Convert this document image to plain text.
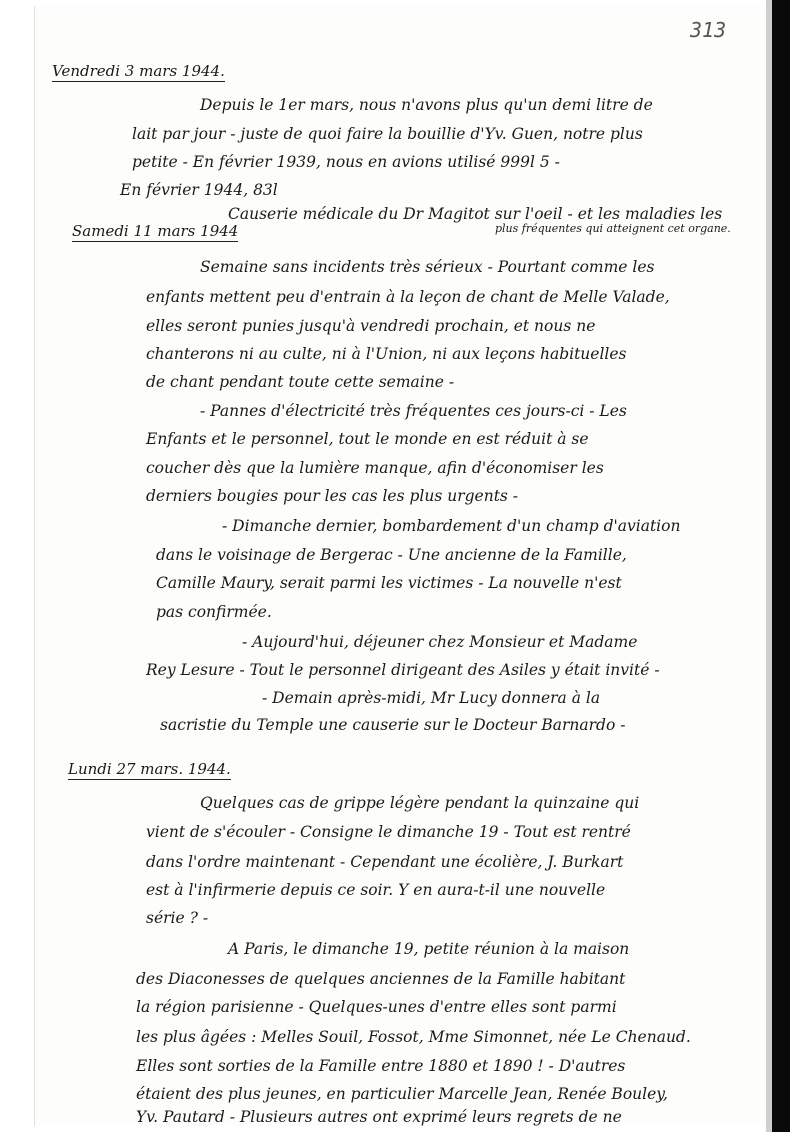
313
Vendredi 3 mars 1944.
Depuis le 1er mars, nous n'avons plus qu'un demi litre de
lait par jour - juste de quoi faire la bouillie d'Yv. Guen, notre plus
petite - En février 1939, nous en avions utilisé 999l 5 -
En février 1944, 83l
Causerie médicale du Dr Magitot sur l'oeil - et les maladies les
plus fréquentes qui atteignent cet organe.
Samedi 11 mars 1944
Semaine sans incidents très sérieux - Pourtant comme les
enfants mettent peu d'entrain à la leçon de chant de Melle Valade,
elles seront punies jusqu'à vendredi prochain, et nous ne
chanterons ni au culte, ni à l'Union, ni aux leçons habituelles
de chant pendant toute cette semaine -
- Pannes d'électricité très fréquentes ces jours-ci - Les
Enfants et le personnel, tout le monde en est réduit à se
coucher dès que la lumière manque, afin d'économiser les
derniers bougies pour les cas les plus urgents -
- Dimanche dernier, bombardement d'un champ d'aviation
dans le voisinage de Bergerac - Une ancienne de la Famille,
Camille Maury, serait parmi les victimes - La nouvelle n'est
pas confirmée.
- Aujourd'hui, déjeuner chez Monsieur et Madame
Rey Lesure - Tout le personnel dirigeant des Asiles y était invité -
- Demain après-midi, Mr Lucy donnera à la
sacristie du Temple une causerie sur le Docteur Barnardo -
Lundi 27 mars. 1944.
Quelques cas de grippe légère pendant la quinzaine qui
vient de s'écouler - Consigne le dimanche 19 - Tout est rentré
dans l'ordre maintenant - Cependant une écolière, J. Burkart
est à l'infirmerie depuis ce soir. Y en aura-t-il une nouvelle
série ? -
A Paris, le dimanche 19, petite réunion à la maison
des Diaconesses de quelques anciennes de la Famille habitant
la région parisienne - Quelques-unes d'entre elles sont parmi
les plus âgées : Melles Souil, Fossot, Mme Simonnet, née Le Chenaud.
Elles sont sorties de la Famille entre 1880 et 1890 ! - D'autres
étaient des plus jeunes, en particulier Marcelle Jean, Renée Bouley,
Yv. Pautard - Plusieurs autres ont exprimé leurs regrets de ne
